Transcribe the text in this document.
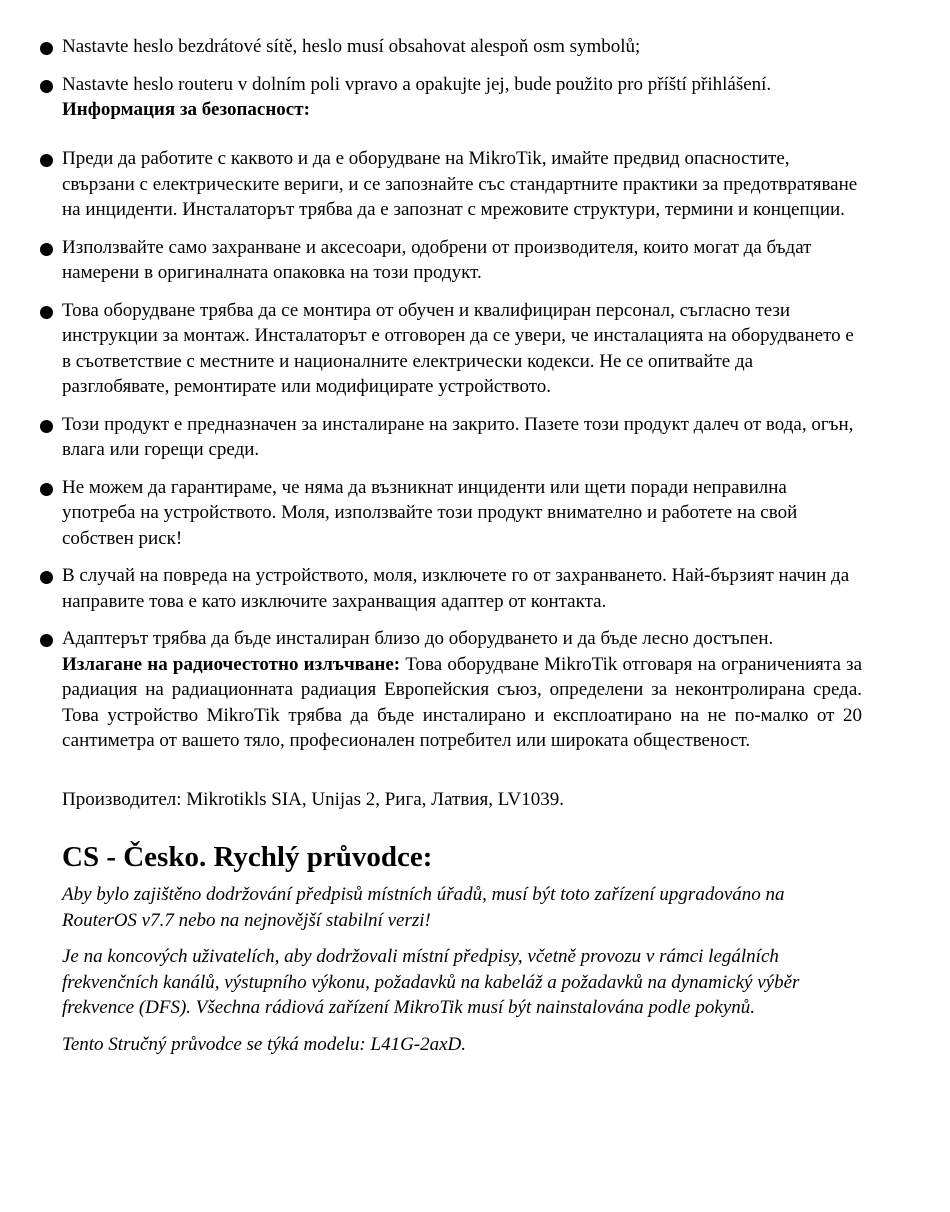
Nastavte heslo bezdrátové sítě, heslo musí obsahovat alespoň osm symbolů;
Nastavte heslo routeru v dolním poli vpravo a opakujte jej, bude použito pro příští přihlášení.
Информация за безопасност:
Преди да работите с каквото и да е оборудване на MikroTik, имайте предвид опасностите, свързани с електрическите вериги, и се запознайте със стандартните практики за предотвратяване на инциденти. Инсталаторът трябва да е запознат с мрежовите структури, термини и концепции.
Използвайте само захранване и аксесоари, одобрени от производителя, които могат да бъдат намерени в оригиналната опаковка на този продукт.
Това оборудване трябва да се монтира от обучен и квалифициран персонал, съгласно тези инструкции за монтаж. Инсталаторът е отговорен да се увери, че инсталацията на оборудването е в съответствие с местните и националните електрически кодекси. Не се опитвайте да разглобявате, ремонтирате или модифицирате устройството.
Този продукт е предназначен за инсталиране на закрито. Пазете този продукт далеч от вода, огън, влага или горещи среди.
Не можем да гарантираме, че няма да възникнат инциденти или щети поради неправилна употреба на устройството. Моля, използвайте този продукт внимателно и работете на свой собствен риск!
В случай на повреда на устройството, моля, изключете го от захранването. Най-бързият начин да направите това е като изключите захранващия адаптер от контакта.
Адаптерът трябва да бъде инсталиран близо до оборудването и да бъде лесно достъпен.
Излагане на радиочестотно излъчване: Това оборудване MikroTik отговаря на ограниченията за радиация на радиационната радиация Европейския съюз, определени за неконтролирана среда. Това устройство MikroTik трябва да бъде инсталирано и експлоатирано на не по-малко от 20 сантиметра от вашето тяло, професионален потребител или широката общественост.
Производител: Mikrotikls SIA, Unijas 2, Рига, Латвия, LV1039.
CS - Česko. Rychlý průvodce:
Aby bylo zajištěno dodržování předpisů místních úřadů, musí být toto zařízení upgradováno na RouterOS v7.7 nebo na nejnovější stabilní verzi!
Je na koncových uživatelích, aby dodržovali místní předpisy, včetně provozu v rámci legálních frekvenčních kanálů, výstupního výkonu, požadavků na kabeláž a požadavků na dynamický výběr frekvence (DFS). Všechna rádiová zařízení MikroTik musí být nainstalována podle pokynů.
Tento Stručný průvodce se týká modelu: L41G-2axD.
